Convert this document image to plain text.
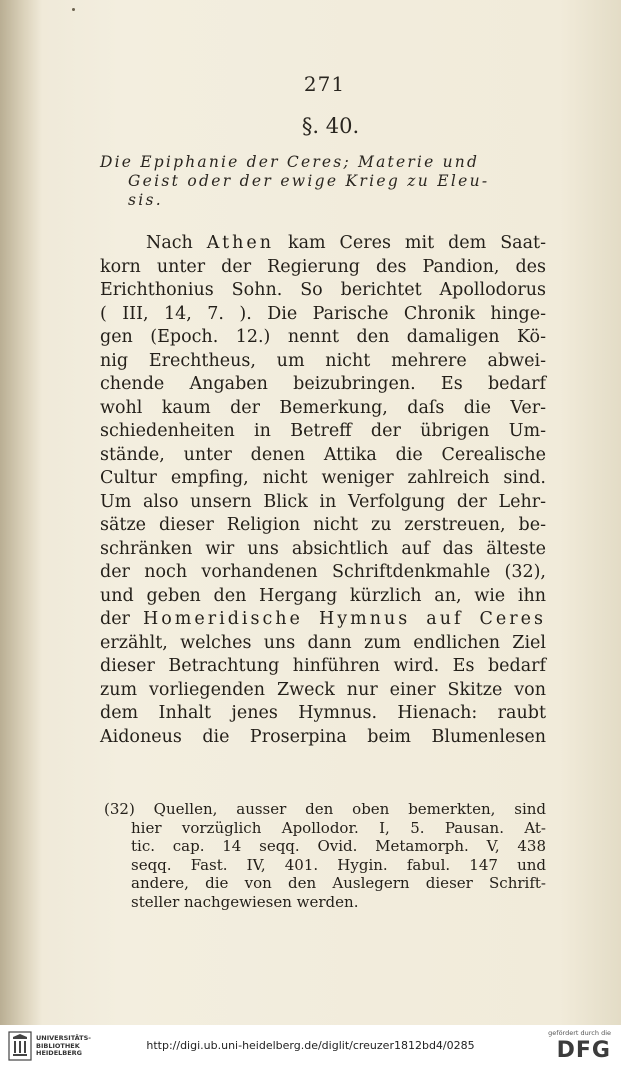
271
§. 40.
Die Epiphanie der Ceres; Materie und
Geist oder der ewige Krieg zu Eleu-
sis.
Nach Athen kam Ceres mit dem Saat-
korn unter der Regierung des Pandion, des
Erichthonius Sohn. So berichtet Apollodorus
( III, 14, 7. ). Die Parische Chronik hinge-
gen (Epoch. 12.) nennt den damaligen Kö-
nig Erechtheus, um nicht mehrere abwei-
chende Angaben beizubringen. Es bedarf
wohl kaum der Bemerkung, daſs die Ver-
schiedenheiten in Betreff der übrigen Um-
stände, unter denen Attika die Cerealische
Cultur empfing, nicht weniger zahlreich sind.
Um also unsern Blick in Verfolgung der Lehr-
sätze dieser Religion nicht zu zerstreuen, be-
schränken wir uns absichtlich auf das älteste
der noch vorhandenen Schriftdenkmahle (32),
und geben den Hergang kürzlich an, wie ihn
der Homeridische Hymnus auf Ceres
erzählt, welches uns dann zum endlichen Ziel
dieser Betrachtung hinführen wird. Es bedarf
zum vorliegenden Zweck nur einer Skitze von
dem Inhalt jenes Hymnus. Hienach: raubt
Aidoneus die Proserpina beim Blumenlesen
(32) Quellen, ausser den oben bemerkten, sind
hier vorzüglich Apollodor. I, 5. Pausan. At-
tic. cap. 14 seqq. Ovid. Metamorph. V, 438
seqq. Fast. IV, 401. Hygin. fabul. 147 und
andere, die von den Auslegern dieser Schrift-
steller nachgewiesen werden.
UNIVERSITÄTS-
BIBLIOTHEK
HEIDELBERG
http://digi.ub.uni-heidelberg.de/diglit/creuzer1812bd4/0285
gefördert durch die
DFG
